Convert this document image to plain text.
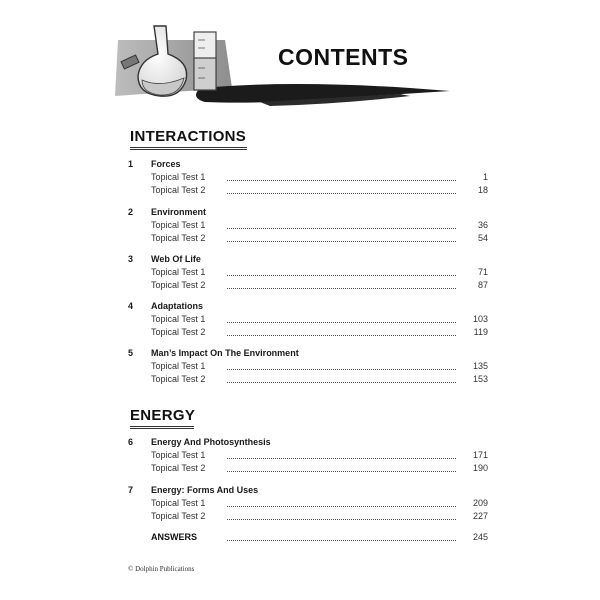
CONTENTS
INTERACTIONS
1	Forces
Topical Test 1	1
Topical Test 2	18
2	Environment
Topical Test 1	36
Topical Test 2	54
3	Web Of Life
Topical Test 1	71
Topical Test 2	87
4	Adaptations
Topical Test 1	103
Topical Test 2	119
5	Man’s Impact On The Environment
Topical Test 1	135
Topical Test 2	153
ENERGY
6	Energy And Photosynthesis
Topical Test 1	171
Topical Test 2	190
7	Energy: Forms And Uses
Topical Test 1	209
Topical Test 2	227
ANSWERS	245
© Dolphin Publications
